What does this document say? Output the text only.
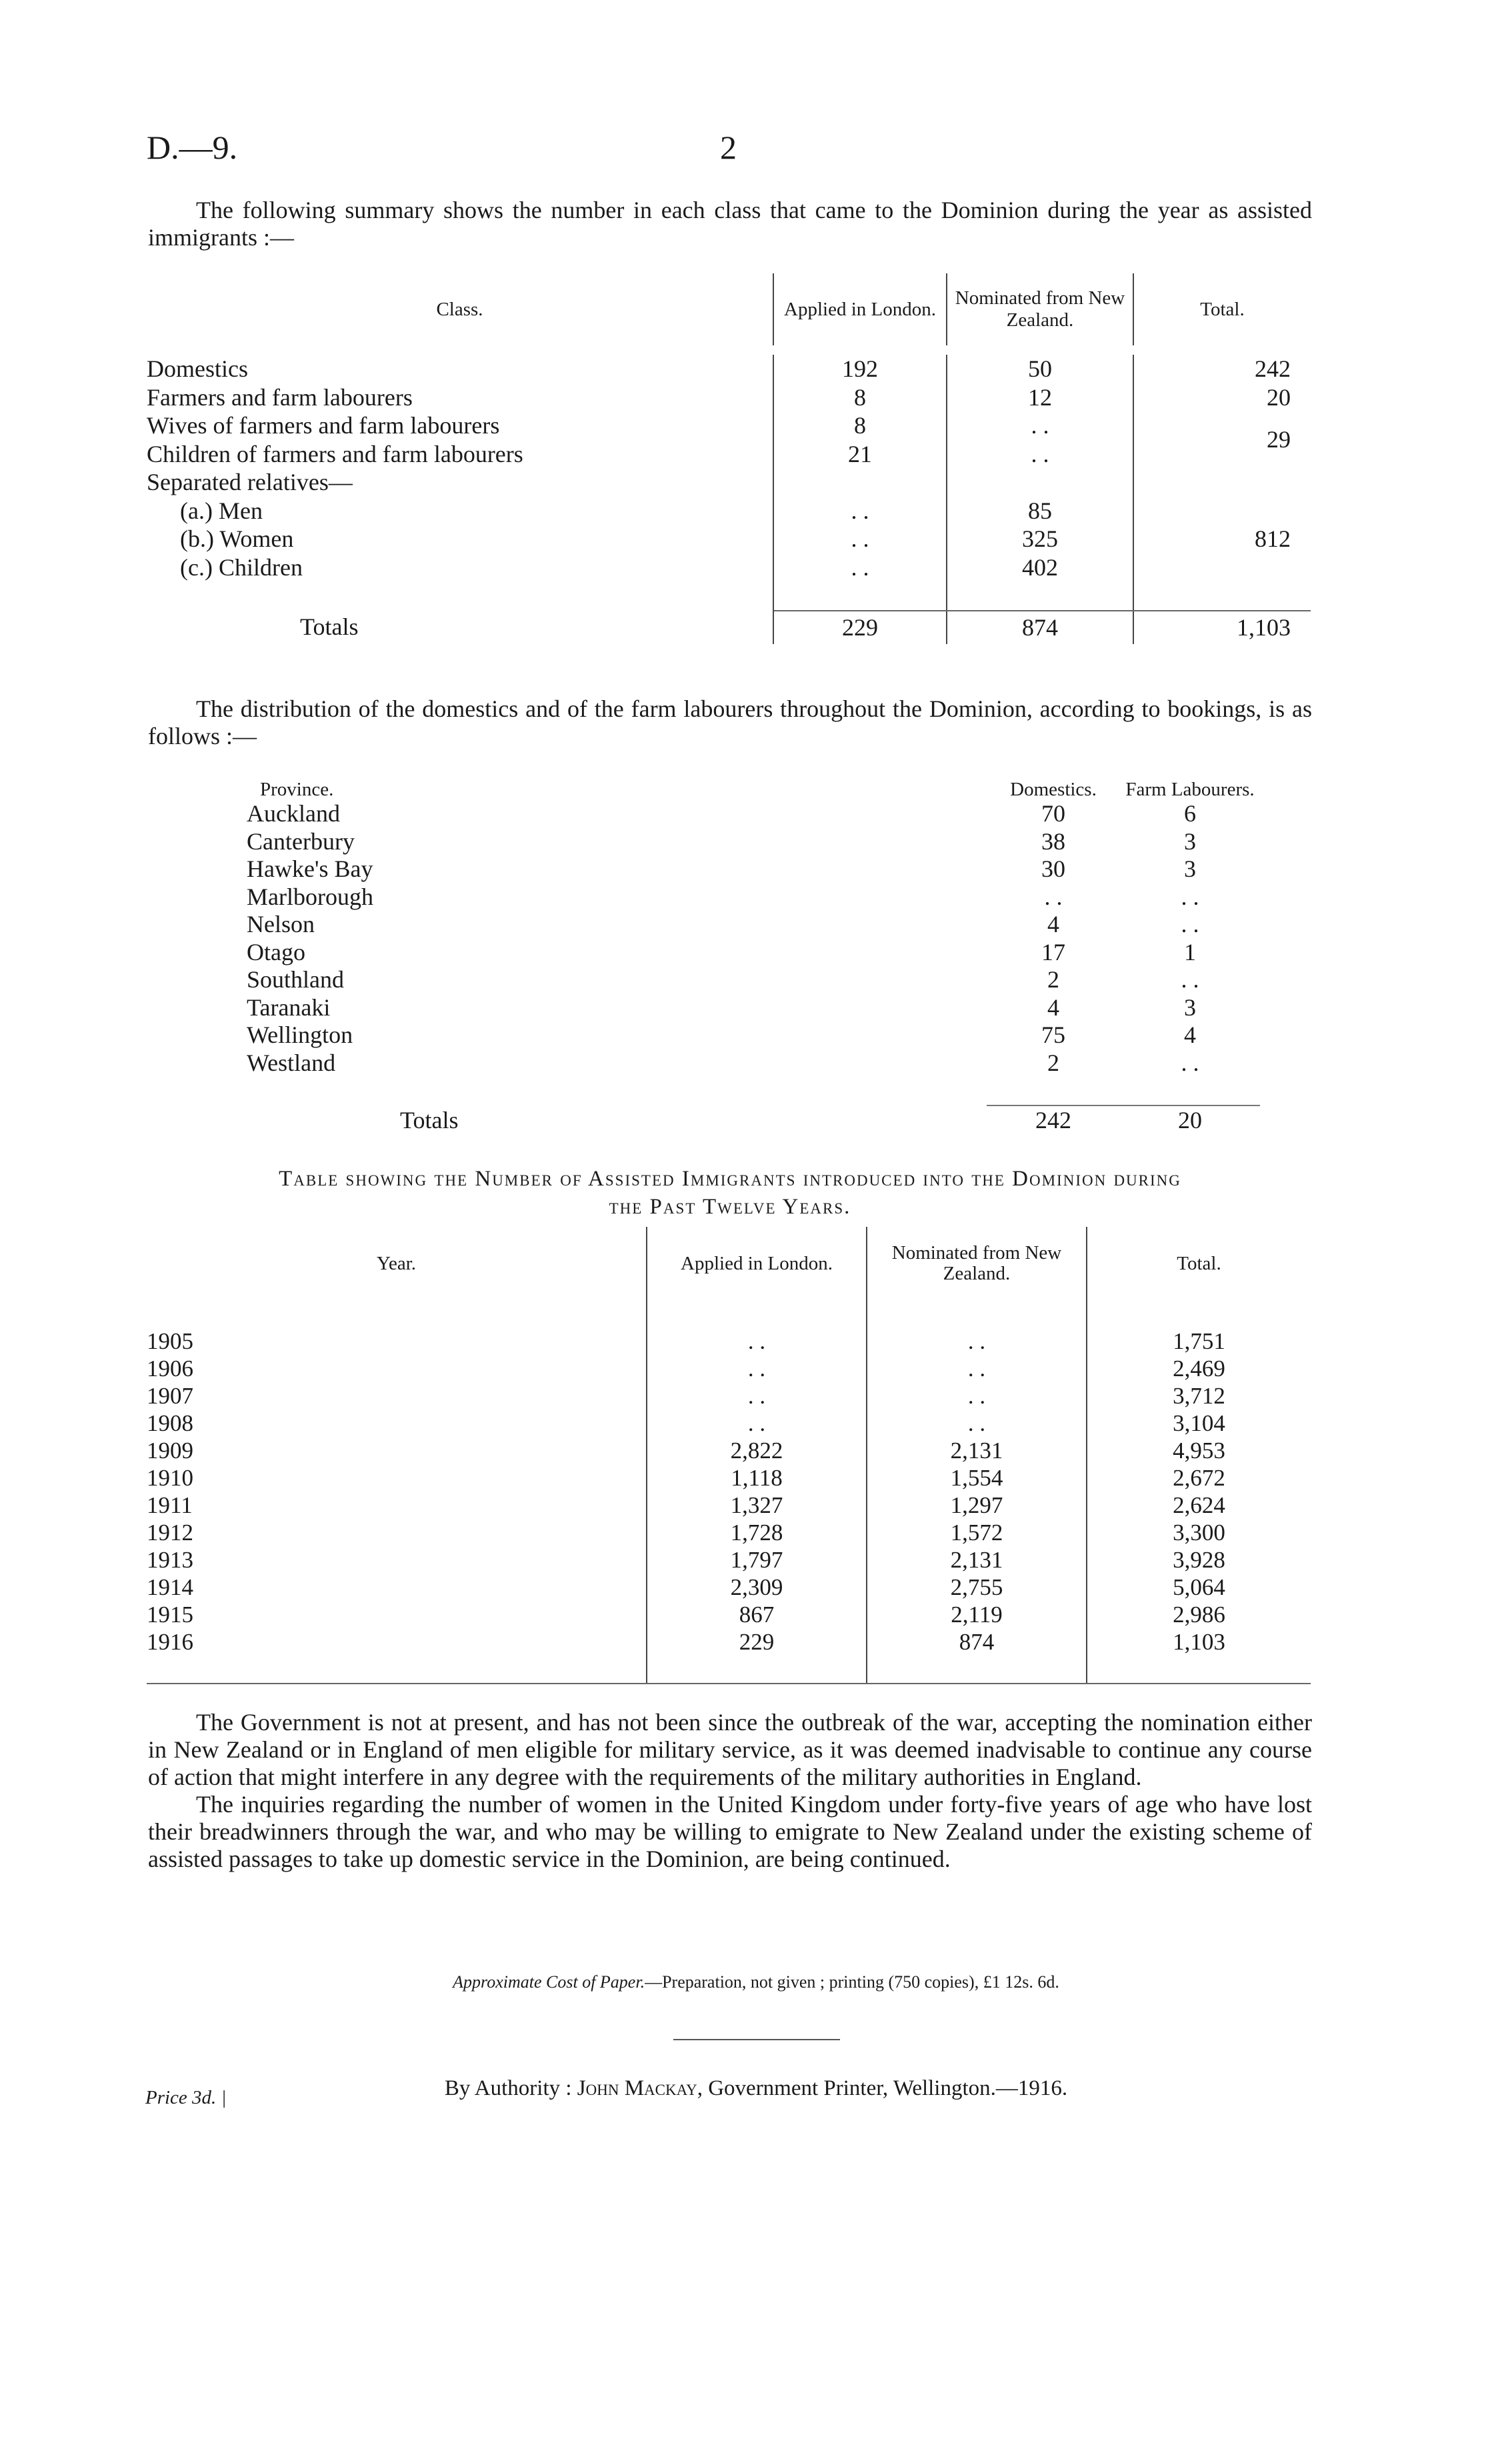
D.—9.	2

The following summary shows the number in each class that came to the Dominion during the year as assisted immigrants :—

Class.	Applied in London.	Nominated from New Zealand.	Total.

Domestics	192	50	242
Farmers and farm labourers	8	12	20
Wives of farmers and farm labourers	8	. .	29
Children of farmers and farm labourers	21	. .	
Separated relatives—			
(a.) Men	. .	85	812
(b.) Women	. .	325	
(c.) Children	. .	402	

Totals	229	874	1,103

The distribution of the domestics and of the farm labourers throughout the Dominion, according to bookings, is as follows :—

Province.	Domestics.	Farm Labourers.
Auckland	70	6
Canterbury	38	3
Hawke's Bay	30	3
Marlborough	. .	. .
Nelson	4	. .
Otago	17	1
Southland	2	. .
Taranaki	4	3
Wellington	75	4
Westland	2	. .

Totals	242	20
Table showing the Number of Assisted Immigrants introduced into the Dominion during
the Past Twelve Years.
Year.	Applied in London.	Nominated from New Zealand.	Total.

1905	. .	. .	1,751
1906	. .	. .	2,469
1907	. .	. .	3,712
1908	. .	. .	3,104
1909	2,822	2,131	4,953
1910	1,118	1,554	2,672
1911	1,327	1,297	2,624
1912	1,728	1,572	3,300
1913	1,797	2,131	3,928
1914	2,309	2,755	5,064
1915	867	2,119	2,986
1916	229	874	1,103

The Government is not at present, and has not been since the outbreak of the war, accepting the nomination either in New Zealand or in England of men eligible for military service, as it was deemed inadvisable to continue any course of action that might interfere in any degree with the requirements of the military authorities in England.

The inquiries regarding the number of women in the United Kingdom under forty-five years of age who have lost their breadwinners through the war, and who may be willing to emigrate to New Zealand under the existing scheme of assisted passages to take up domestic service in the Dominion, are being continued.

Approximate Cost of Paper.—Preparation, not given ; printing (750 copies), £1 12s. 6d.
By Authority : John Mackay, Government Printer, Wellington.—1916.
Price 3d. |
